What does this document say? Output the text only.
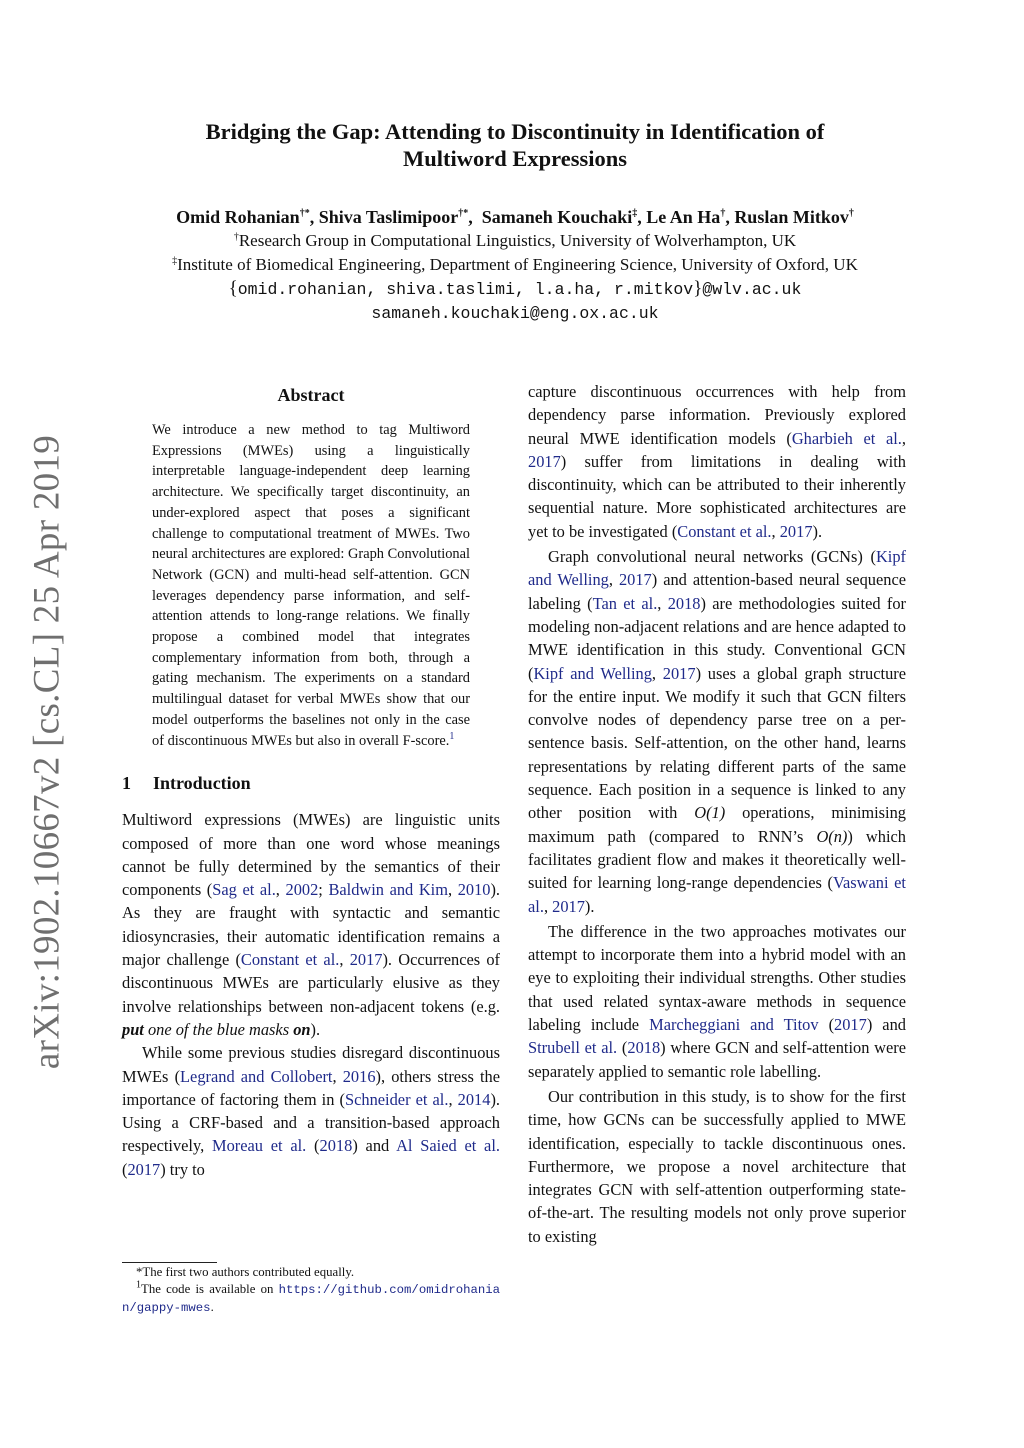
arXiv:1902.10667v2 [cs.CL] 25 Apr 2019
Bridging the Gap: Attending to Discontinuity in Identification of
Multiword Expressions
Omid Rohanian†*, Shiva Taslimipoor†*,  Samaneh Kouchaki‡, Le An Ha†, Ruslan Mitkov†
†Research Group in Computational Linguistics, University of Wolverhampton, UK
‡Institute of Biomedical Engineering, Department of Engineering Science, University of Oxford, UK
{omid.rohanian, shiva.taslimi, l.a.ha, r.mitkov}@wlv.ac.uk
samaneh.kouchaki@eng.ox.ac.uk
Abstract

We introduce a new method to tag Multiword Expressions (MWEs) using a linguistically interpretable language-independent deep learning architecture. We specifically target discontinuity, an under-explored aspect that poses a significant challenge to computational treatment of MWEs. Two neural architectures are explored: Graph Convolutional Network (GCN) and multi-head self-attention. GCN leverages dependency parse information, and self-attention attends to long-range relations. We finally propose a combined model that integrates complementary information from both, through a gating mechanism. The experiments on a standard multilingual dataset for verbal MWEs show that our model outperforms the baselines not only in the case of discontinuous MWEs but also in overall F-score.$^1$

1 Introduction

Multiword expressions (MWEs) are linguistic units composed of more than one word whose meanings cannot be fully determined by the semantics of their components (Sag et al., 2002; Baldwin and Kim, 2010). As they are fraught with syntactic and semantic idiosyncrasies, their automatic identification remains a major challenge (Constant et al., 2017). Occurrences of discontinuous MWEs are particularly elusive as they involve relationships between non-adjacent tokens (e.g. put one of the blue masks on).

While some previous studies disregard discontinuous MWEs (Legrand and Collobert, 2016), others stress the importance of factoring them in (Schneider et al., 2014). Using a CRF-based and a transition-based approach respectively, Moreau et al. (2018) and Al Saied et al. (2017) try to

*The first two authors contributed equally.
$^1$The code is available on https://github.com/omidrohanian/gappy-mwes.

capture discontinuous occurrences with help from dependency parse information. Previously explored neural MWE identification models (Gharbieh et al., 2017) suffer from limitations in dealing with discontinuity, which can be attributed to their inherently sequential nature. More sophisticated architectures are yet to be investigated (Constant et al., 2017).

Graph convolutional neural networks (GCNs) (Kipf and Welling, 2017) and attention-based neural sequence labeling (Tan et al., 2018) are methodologies suited for modeling non-adjacent relations and are hence adapted to MWE identification in this study. Conventional GCN (Kipf and Welling, 2017) uses a global graph structure for the entire input. We modify it such that GCN filters convolve nodes of dependency parse tree on a per-sentence basis. Self-attention, on the other hand, learns representations by relating different parts of the same sequence. Each position in a sequence is linked to any other position with O(1) operations, minimising maximum path (compared to RNN’s O(n)) which facilitates gradient flow and makes it theoretically well-suited for learning long-range dependencies (Vaswani et al., 2017).

The difference in the two approaches motivates our attempt to incorporate them into a hybrid model with an eye to exploiting their individual strengths. Other studies that used related syntax-aware methods in sequence labeling include Marcheggiani and Titov (2017) and Strubell et al. (2018) where GCN and self-attention were separately applied to semantic role labelling.

Our contribution in this study, is to show for the first time, how GCNs can be successfully applied to MWE identification, especially to tackle discontinuous ones. Furthermore, we propose a novel architecture that integrates GCN with self-attention outperforming state-of-the-art. The resulting models not only prove superior to existing
